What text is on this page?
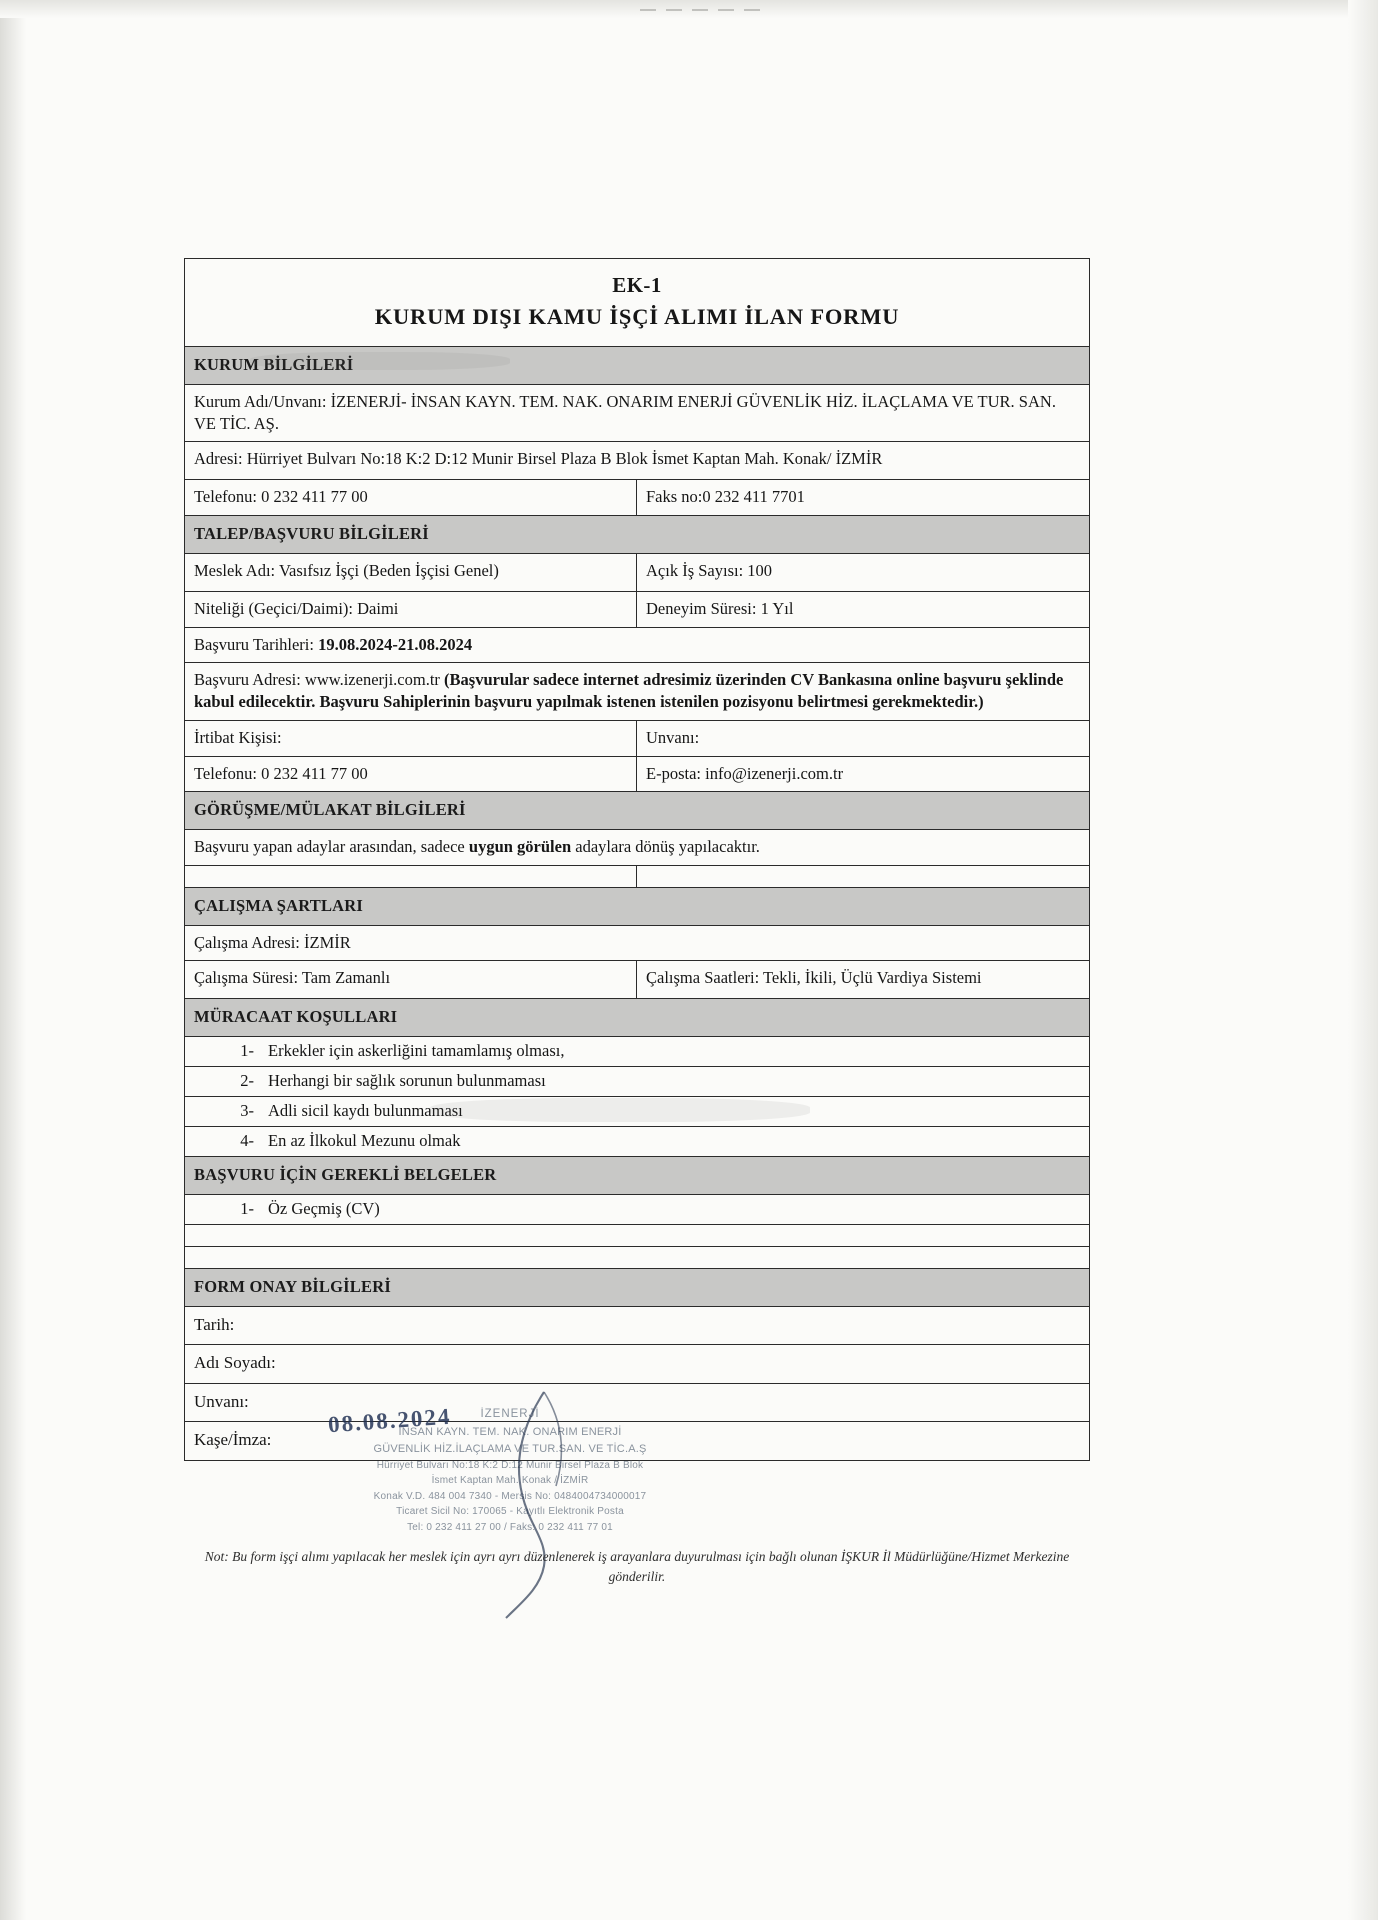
EK-1
KURUM DIŞI KAMU İŞÇİ ALIMI İLAN FORMU
KURUM BİLGİLERİ
Kurum Adı/Unvanı: İZENERJİ- İNSAN KAYN. TEM. NAK. ONARIM ENERJİ GÜVENLİK HİZ. İLAÇLAMA VE TUR. SAN. VE TİC. AŞ.
Adresi: Hürriyet Bulvarı No:18 K:2 D:12 Munir Birsel Plaza B Blok İsmet Kaptan Mah. Konak/ İZMİR
Telefonu: 0 232 411 77 00	Faks no:0 232 411 7701
TALEP/BAŞVURU BİLGİLERİ
Meslek Adı: Vasıfsız İşçi (Beden İşçisi Genel)	Açık İş Sayısı: 100
Niteliği (Geçici/Daimi): Daimi	Deneyim Süresi: 1 Yıl
Başvuru Tarihleri: 19.08.2024-21.08.2024
Başvuru Adresi: www.izenerji.com.tr (Başvurular sadece internet adresimiz üzerinden CV Bankasına online başvuru şeklinde kabul edilecektir. Başvuru Sahiplerinin başvuru yapılmak istenen istenilen pozisyonu belirtmesi gerekmektedir.)
İrtibat Kişisi:	Unvanı:
Telefonu: 0 232 411 77 00	E-posta: info@izenerji.com.tr
GÖRÜŞME/MÜLAKAT BİLGİLERİ
Başvuru yapan adaylar arasından, sadece uygun görülen adaylara dönüş yapılacaktır.
ÇALIŞMA ŞARTLARI
Çalışma Adresi: İZMİR
Çalışma Süresi: Tam Zamanlı	Çalışma Saatleri: Tekli, İkili, Üçlü Vardiya Sistemi
MÜRACAAT KOŞULLARI
1- Erkekler için askerliğini tamamlamış olması,
2- Herhangi bir sağlık sorunun bulunmaması
3- Adli sicil kaydı bulunmaması
4- En az İlkokul Mezunu olmak
BAŞVURU İÇİN GEREKLİ BELGELER
1- Öz Geçmiş (CV)
FORM ONAY BİLGİLERİ
Tarih:
Adı Soyadı:
Unvanı:
Kaşe/İmza:
08.08.2024	İZENERJİ
İNSAN KAYN. TEM. NAK. ONARIM ENERJİ
GÜVENLİK HİZ.İLAÇLAMA VE TUR.SAN. VE TİC.A.Ş
Hürriyet Bulvarı No:18 K:2 D:12 Munir Birsel Plaza B Blok
İsmet Kaptan Mah. Konak / İZMİR
Konak V.D. 484 004 7340 - Mersis No: 0484004734000017
Ticaret Sicil No: 170065 - Kayıtlı Elektronik Posta
Tel: 0 232 411 27 00 / Faks: 0 232 411 77 01
Not: Bu form işçi alımı yapılacak her meslek için ayrı ayrı düzenlenerek iş arayanlara duyurulması için bağlı olunan İŞKUR İl Müdürlüğüne/Hizmet Merkezine gönderilir.
